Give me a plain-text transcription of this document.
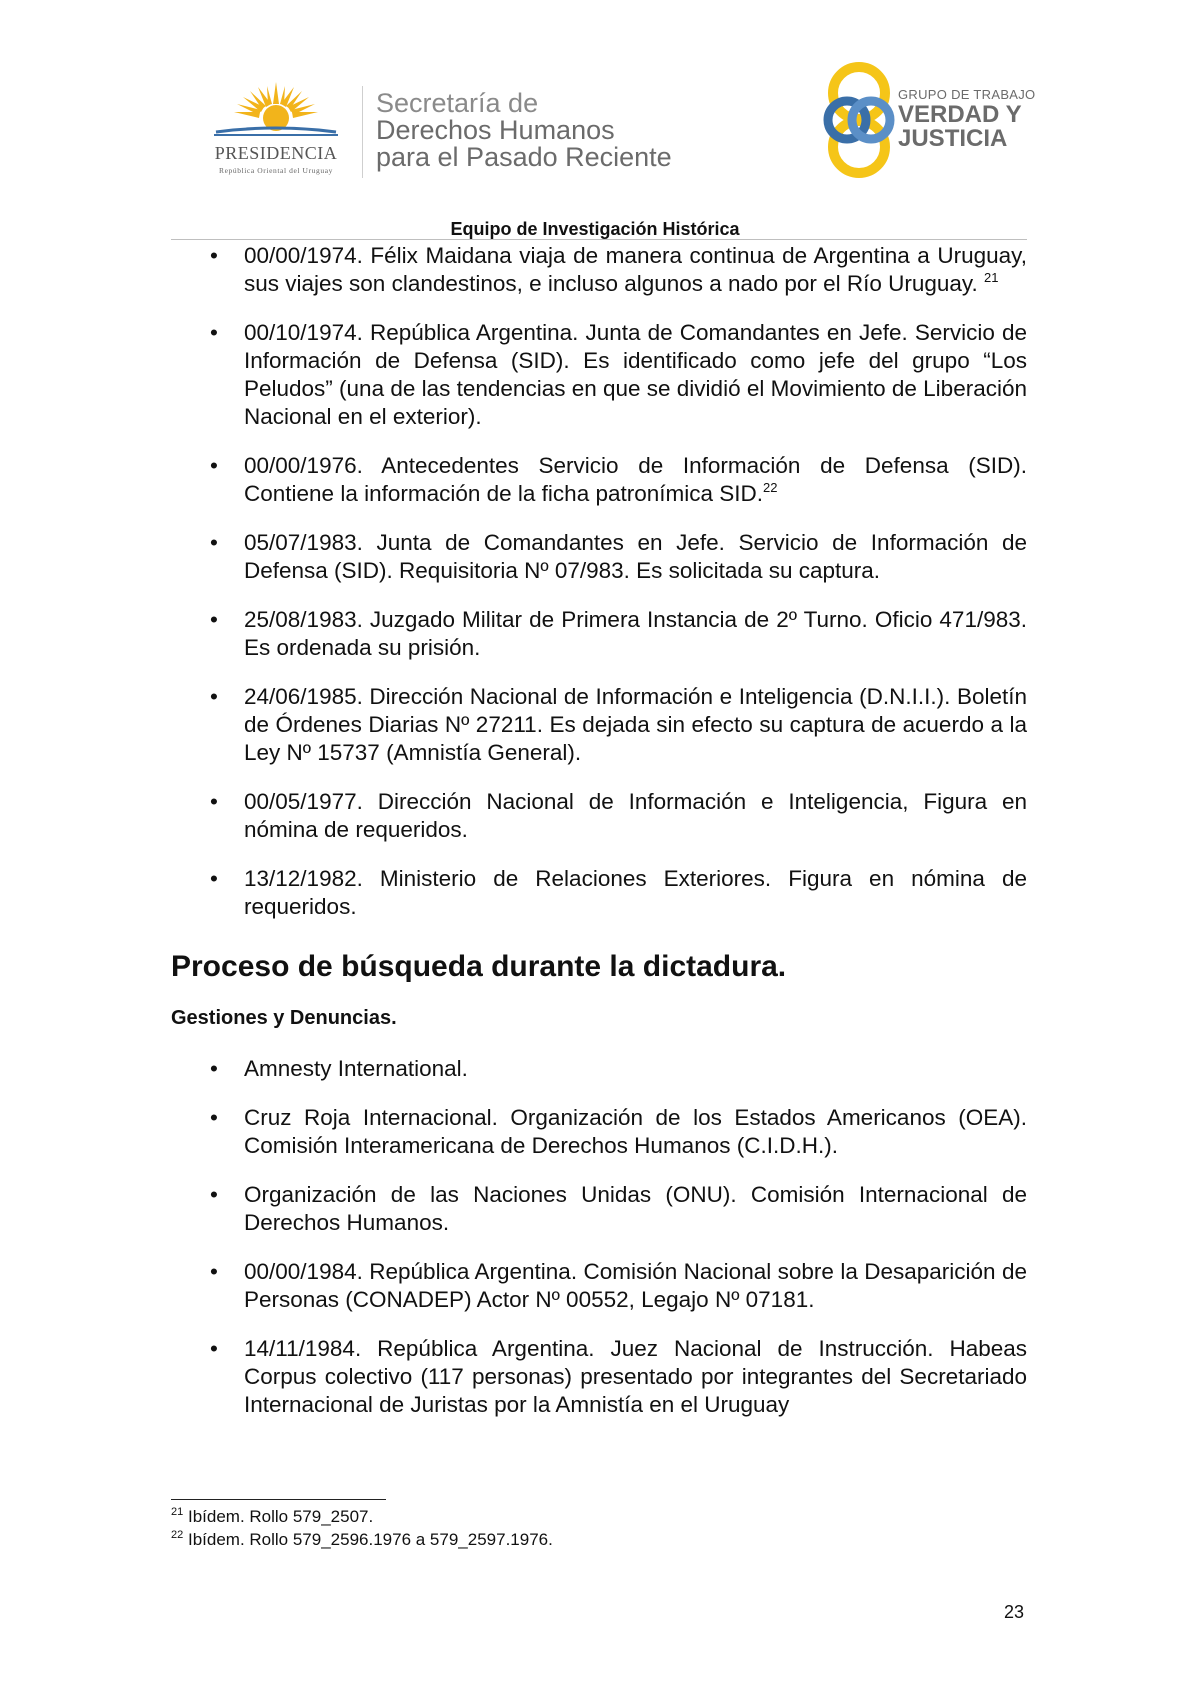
PRESIDENCIA
República Oriental del Uruguay
Secretaría de
Derechos Humanos
para el Pasado Reciente
GRUPO DE TRABAJO
VERDAD Y
JUSTICIA
Equipo de Investigación Histórica
• 00/00/1974. Félix Maidana viaja de manera continua de Argentina a Uruguay, sus viajes son clandestinos, e incluso algunos a nado por el Río Uruguay. $^{21}$
• 00/10/1974. República Argentina. Junta de Comandantes en Jefe. Servicio de Información de Defensa (SID). Es identificado como jefe del grupo “Los Peludos” (una de las tendencias en que se dividió el Movimiento de Liberación Nacional en el exterior).
• 00/00/1976. Antecedentes Servicio de Información de Defensa (SID). Contiene la información de la ficha patronímica SID.$^{22}$
• 05/07/1983. Junta de Comandantes en Jefe. Servicio de Información de Defensa (SID). Requisitoria Nº 07/983. Es solicitada su captura.
• 25/08/1983. Juzgado Militar de Primera Instancia de 2º Turno. Oficio 471/983. Es ordenada su prisión.
• 24/06/1985. Dirección Nacional de Información e Inteligencia (D.N.I.I.). Boletín de Órdenes Diarias Nº 27211. Es dejada sin efecto su captura de acuerdo a la Ley Nº 15737 (Amnistía General).
• 00/05/1977. Dirección Nacional de Información e Inteligencia, Figura en nómina de requeridos.
• 13/12/1982. Ministerio de Relaciones Exteriores. Figura en nómina de requeridos.
Proceso de búsqueda durante la dictadura.
Gestiones y Denuncias.
• Amnesty International.
• Cruz Roja Internacional. Organización de los Estados Americanos (OEA). Comisión Interamericana de Derechos Humanos (C.I.D.H.).
• Organización de las Naciones Unidas (ONU). Comisión Internacional de Derechos Humanos.
• 00/00/1984. República Argentina. Comisión Nacional sobre la Desaparición de Personas (CONADEP) Actor Nº 00552, Legajo Nº 07181.
• 14/11/1984. República Argentina. Juez Nacional de Instrucción. Habeas Corpus colectivo (117 personas) presentado por integrantes del Secretariado Internacional de Juristas por la Amnistía en el Uruguay
$^{21}$ Ibídem. Rollo 579_2507.
$^{22}$ Ibídem. Rollo 579_2596.1976 a 579_2597.1976.
23
